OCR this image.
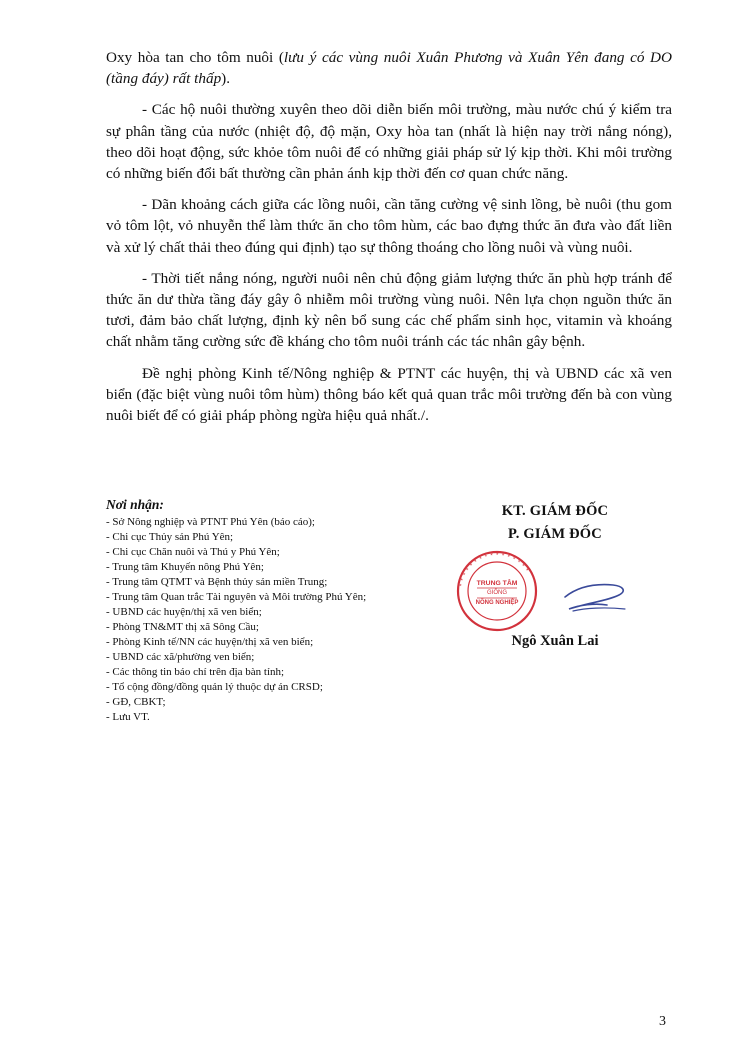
Oxy hòa tan cho tôm nuôi (lưu ý các vùng nuôi Xuân Phương và Xuân Yên đang có DO (tầng đáy) rất thấp).

- Các hộ nuôi thường xuyên theo dõi diễn biến môi trường, màu nước chú ý kiểm tra sự phân tầng của nước (nhiệt độ, độ mặn, Oxy hòa tan (nhất là hiện nay trời nắng nóng), theo dõi hoạt động, sức khỏe tôm nuôi để có những giải pháp sử lý kịp thời. Khi môi trường có những biến đổi bất thường cần phản ánh kịp thời đến cơ quan chức năng.

- Dãn khoảng cách giữa các lồng nuôi, cần tăng cường vệ sinh lồng, bè nuôi (thu gom vỏ tôm lột, vỏ nhuyễn thể làm thức ăn cho tôm hùm, các bao đựng thức ăn đưa vào đất liền và xử lý chất thải theo đúng qui định) tạo sự thông thoáng cho lồng nuôi và vùng nuôi.

- Thời tiết nắng nóng, người nuôi nên chủ động giảm lượng thức ăn phù hợp tránh để thức ăn dư thừa tầng đáy gây ô nhiễm môi trường vùng nuôi. Nên lựa chọn nguồn thức ăn tươi, đảm bảo chất lượng, định kỳ nên bổ sung các chế phẩm sinh học, vitamin và khoáng chất nhằm tăng cường sức đề kháng cho tôm nuôi tránh các tác nhân gây bệnh.

Đề nghị phòng Kinh tế/Nông nghiệp & PTNT các huyện, thị và UBND các xã ven biển (đặc biệt vùng nuôi tôm hùm) thông báo kết quả quan trắc môi trường đến bà con vùng nuôi biết để có giải pháp phòng ngừa hiệu quả nhất./.

Nơi nhận:
- Sở Nông nghiệp và PTNT Phú Yên (báo cáo);
- Chi cục Thủy sản Phú Yên;
- Chi cục Chăn nuôi và Thú y Phú Yên;
- Trung tâm Khuyến nông Phú Yên;
- Trung tâm QTMT và Bệnh thủy sản miền Trung;
- Trung tâm Quan trắc Tài nguyên và Môi trường Phú Yên;
- UBND các huyện/thị xã ven biển;
- Phòng TN&MT thị xã Sông Cầu;
- Phòng Kinh tế/NN các huyện/thị xã ven biển;
- UBND các xã/phường ven biển;
- Các thông tin báo chí trên địa bàn tỉnh;
- Tổ cộng đồng/đồng quản lý thuộc dự án CRSD;
- GĐ, CBKT;
- Lưu VT.
KT. GIÁM ĐỐC
P. GIÁM ĐỐC
* * * * * * * * * * * * * * * *
TRUNG TÂM
GIỐNG
NÔNG NGHIỆP
Ngô Xuân Lai
3
